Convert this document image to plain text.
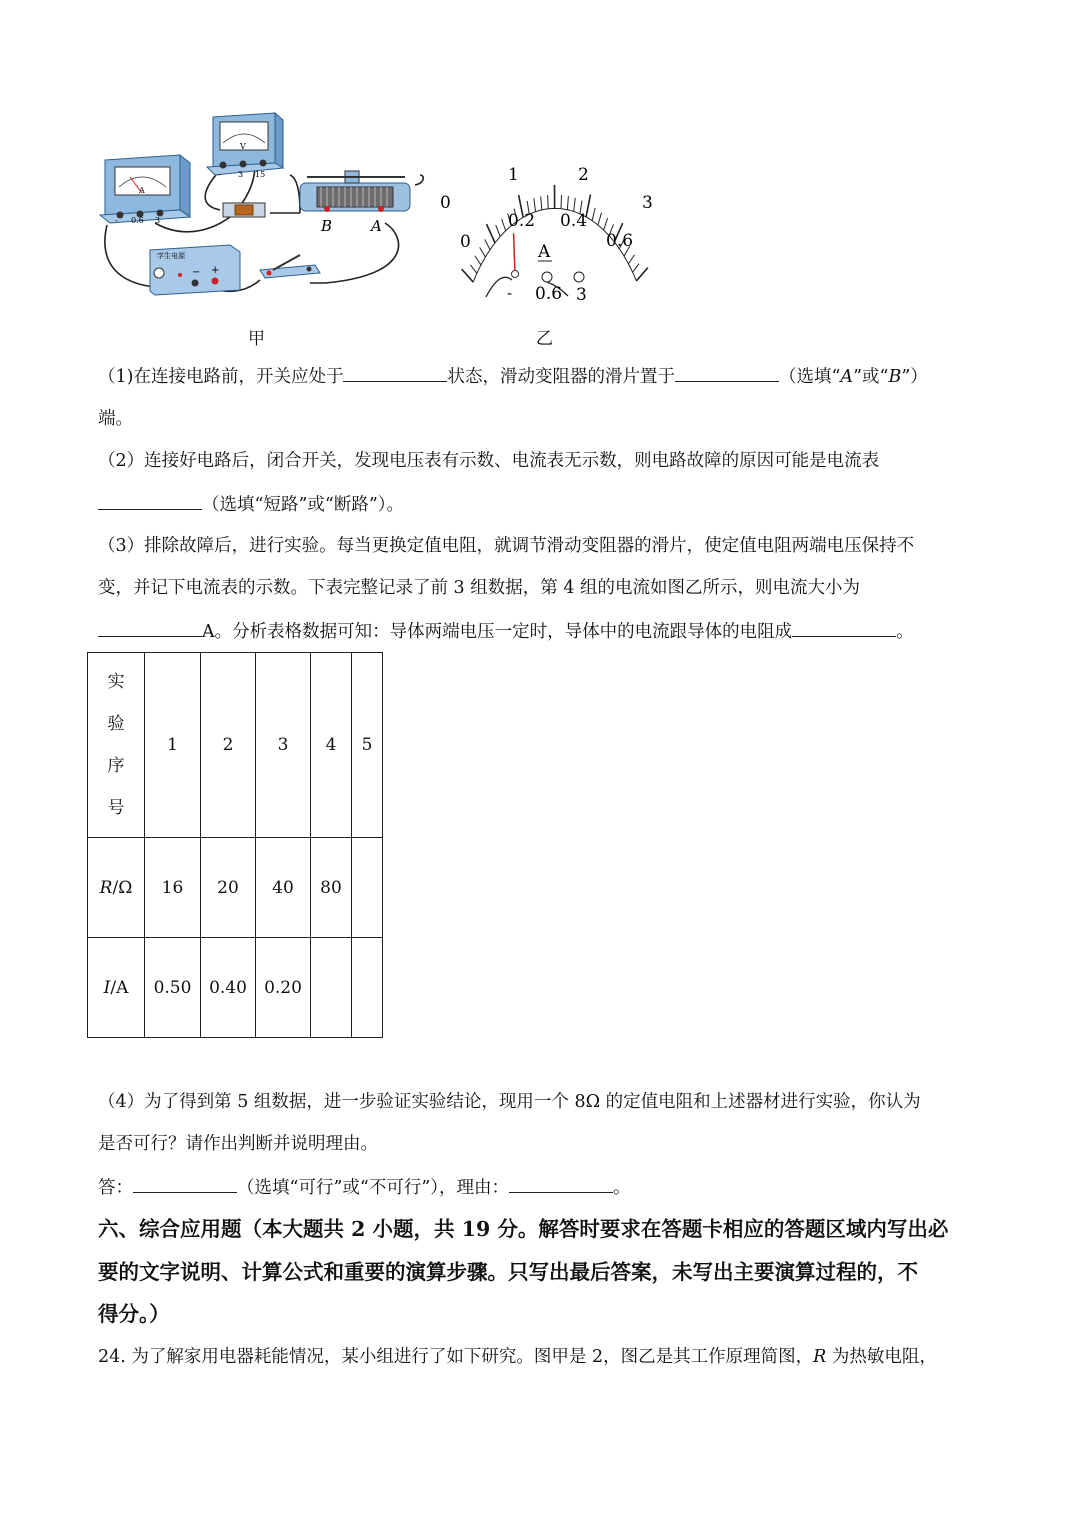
A
- 0.6 3
V
- 3 15
B	A
学生电源
− +
0
1	2
3
0
0.2 0.4
0.6
A
- 0.6 3
甲	乙
（1)在连接电路前，开关应处于	状态，滑动变阻器的滑片置于	（选填“A”或“B”）
端。
（2）连接好电路后，闭合开关，发现电压表有示数、电流表无示数，则电路故障的原因可能是电流表
（选填“短路”或“断路”）。
（3）排除故障后，进行实验。每当更换定值电阻，就调节滑动变阻器的滑片，使定值电阻两端电压保持不
变，并记下电流表的示数。下表完整记录了前 3 组数据，第 4 组的电流如图乙所示，则电流大小为
A。分析表格数据可知：导体两端电压一定时，导体中的电流跟导体的电阻成	。
实
验
序
号	1	2	3	4	5
R/Ω	16	20	40	80	
I/A	0.50	0.40	0.20		
（4）为了得到第 5 组数据，进一步验证实验结论，现用一个 8Ω 的定值电阻和上述器材进行实验，你认为
是否可行？请作出判断并说明理由。
答：	（选填“可行”或“不可行”），理由：	。
六、综合应用题（本大题共 2 小题，共 19 分。解答时要求在答题卡相应的答题区域内写出必
要的文字说明、计算公式和重要的演算步骤。只写出最后答案，未写出主要演算过程的，不
得分。）
24. 为了解家用电器耗能情况，某小组进行了如下研究。图甲是 2，图乙是其工作原理简图，R 为热敏电阻，
